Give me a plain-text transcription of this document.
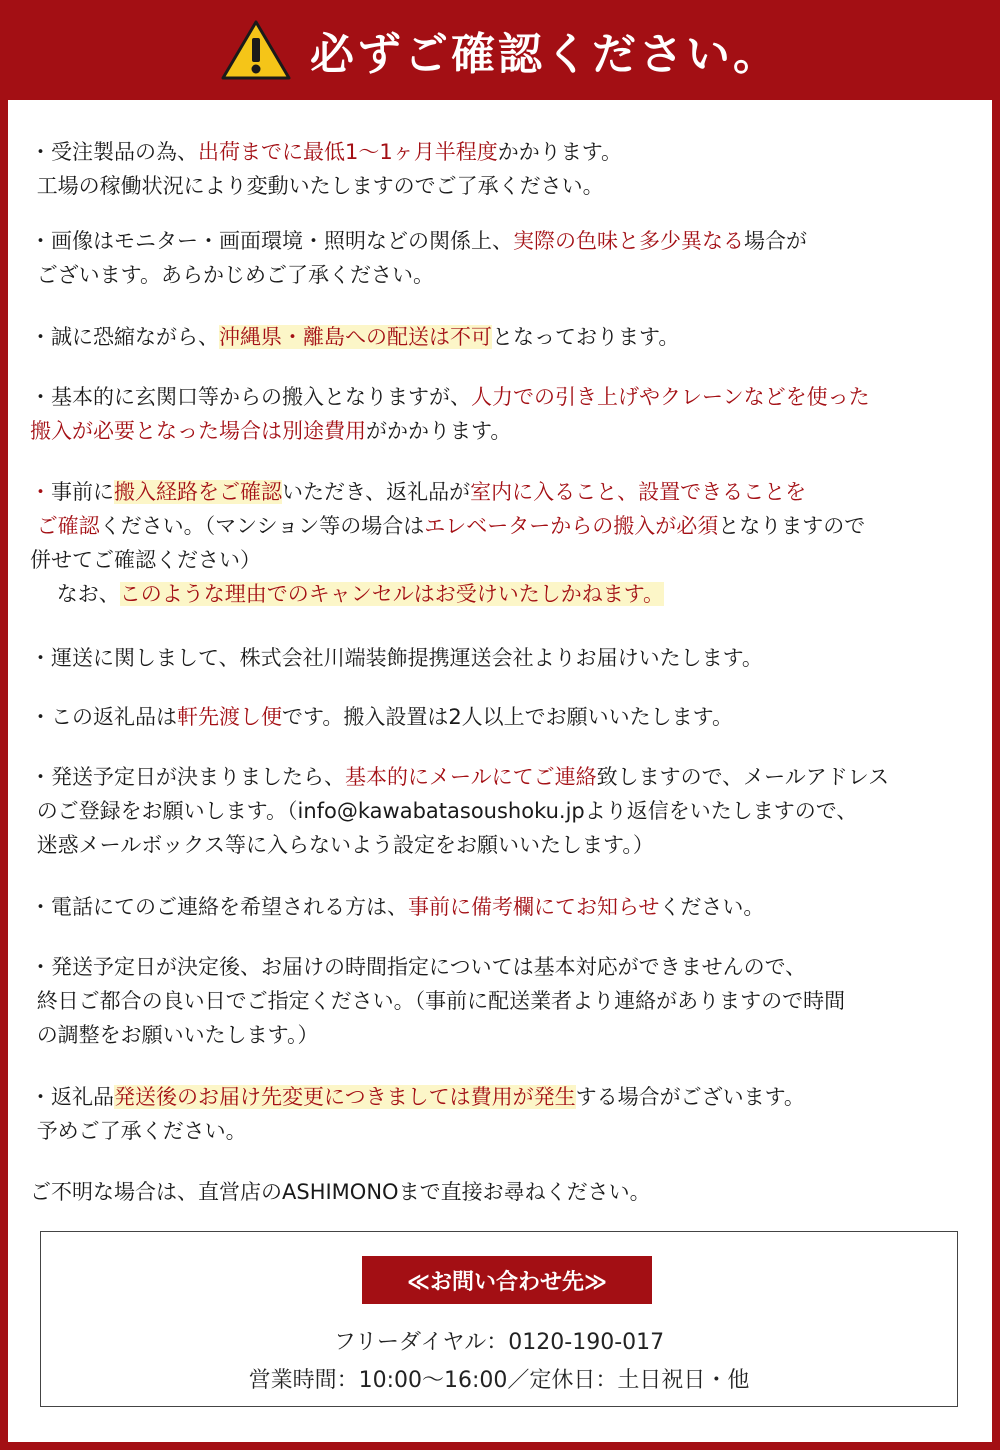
必ずご確認ください。
・受注製品の為、出荷までに最低1〜1ヶ月半程度かかります。
工場の稼働状況により変動いたしますのでご了承ください。
・画像はモニター・画面環境・照明などの関係上、実際の色味と多少異なる場合が
ございます。あらかじめご了承ください。
・誠に恐縮ながら、沖縄県・離島への配送は不可となっております。
・基本的に玄関口等からの搬入となりますが、人力での引き上げやクレーンなどを使った
搬入が必要となった場合は別途費用がかかります。
・事前に搬入経路をご確認いただき、返礼品が室内に入ること、設置できることを
ご確認ください。（マンション等の場合はエレベーターからの搬入が必須となりますので
併せてご確認ください）
なお、このような理由でのキャンセルはお受けいたしかねます。
・運送に関しまして、株式会社川端装飾提携運送会社よりお届けいたします。
・この返礼品は軒先渡し便です。搬入設置は2人以上でお願いいたします。
・発送予定日が決まりましたら、基本的にメールにてご連絡致しますので、メールアドレス
のご登録をお願いします。（info@kawabatasoushoku.jpより返信をいたしますので、
迷惑メールボックス等に入らないよう設定をお願いいたします。）
・電話にてのご連絡を希望される方は、事前に備考欄にてお知らせください。
・発送予定日が決定後、お届けの時間指定については基本対応ができませんので、
終日ご都合の良い日でご指定ください。（事前に配送業者より連絡がありますので時間
の調整をお願いいたします。）
・返礼品発送後のお届け先変更につきましては費用が発生する場合がございます。
予めご了承ください。
ご不明な場合は、直営店のASHIMONOまで直接お尋ねください。
≪お問い合わせ先≫
フリーダイヤル：0120-190-017
営業時間：10:00〜16:00／定休日：土日祝日・他
